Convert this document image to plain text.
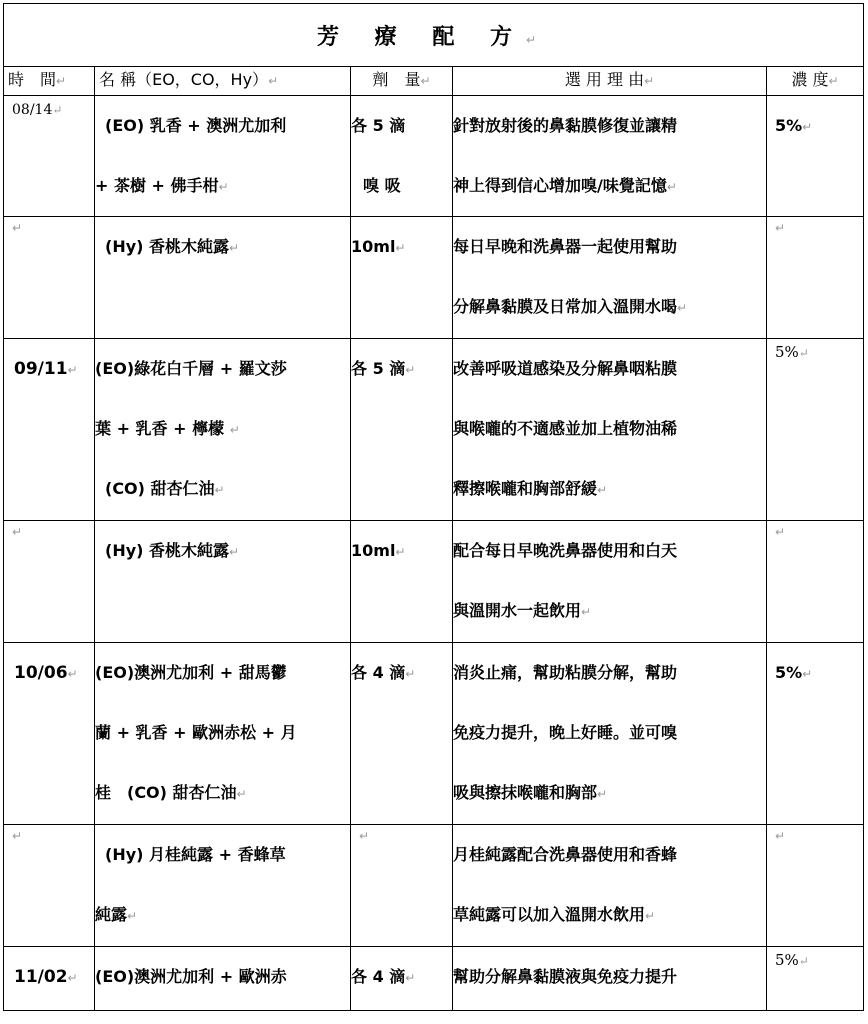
芳 療 配 方↵				
時　間↵	名 稱（EO，CO，Hy）↵	劑　量↵	選 用 理 由↵	濃 度↵

08/14↵	(EO) 乳香 + 澳洲尤加利
+ 茶樹 + 佛手柑↵	各 5 滴
嗅 吸	針對放射後的鼻黏膜修復並讓精
神上得到信心增加嗅/味覺記憶↵	5%↵

↵	(Hy) 香桃木純露↵	10ml↵	每日早晚和洗鼻器一起使用幫助
分解鼻黏膜及日常加入溫開水喝↵	↵

09/11↵	(EO)綠花白千層 + 羅文莎
葉 + 乳香 + 檸檬 ↵
(CO) 甜杏仁油↵	各 5 滴↵	改善呼吸道感染及分解鼻咽粘膜
與喉嚨的不適感並加上植物油稀
釋擦喉嚨和胸部舒緩↵	5%↵

↵	(Hy) 香桃木純露↵	10ml↵	配合每日早晚洗鼻器使用和白天
與溫開水一起飲用↵	↵

10/06↵	(EO)澳洲尤加利 + 甜馬鬱
蘭 + 乳香 + 歐洲赤松 + 月
桂　(CO) 甜杏仁油↵	各 4 滴↵	消炎止痛，幫助粘膜分解，幫助
免疫力提升，晚上好睡。並可嗅
吸與擦抹喉嚨和胸部↵	5%↵

↵	(Hy) 月桂純露 + 香蜂草
純露↵	↵	月桂純露配合洗鼻器使用和香蜂
草純露可以加入溫開水飲用↵	↵

11/02↵	(EO)澳洲尤加利 + 歐洲赤	各 4 滴↵	幫助分解鼻黏膜液與免疫力提升	5%↵
